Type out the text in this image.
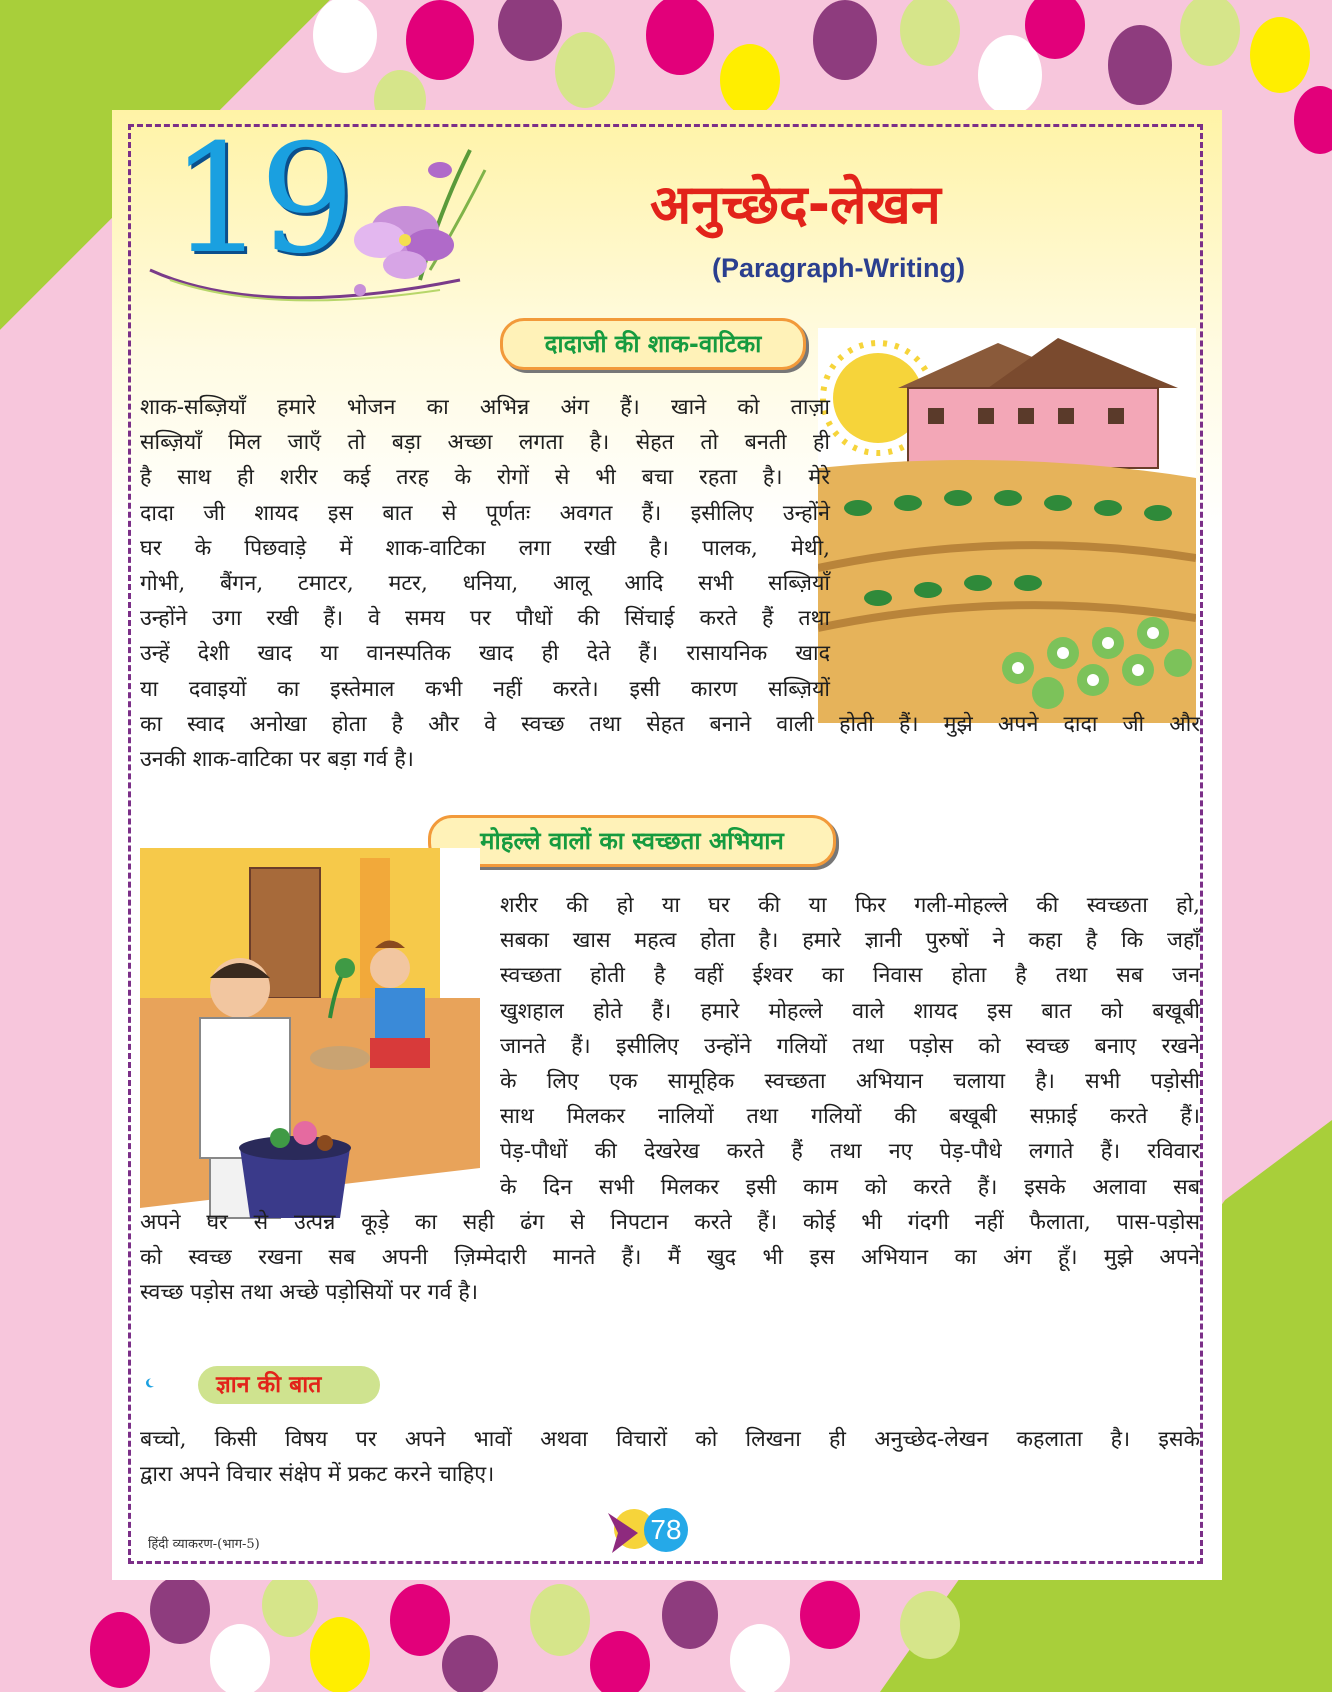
19	अनुच्छेद-लेखन
(Paragraph-Writing)
दादाजी की शाक-वाटिका
शाक-सब्ज़ियाँ हमारे भोजन का अभिन्न अंग हैं। खाने को ताज़ा
सब्ज़ियाँ मिल जाएँ तो बड़ा अच्छा लगता है। सेहत तो बनती ही
है साथ ही शरीर कई तरह के रोगों से भी बचा रहता है। मेरे
दादा जी शायद इस बात से पूर्णतः अवगत हैं। इसीलिए उन्होंने
घर के पिछवाड़े में शाक-वाटिका लगा रखी है। पालक, मेथी,
गोभी, बैंगन, टमाटर, मटर, धनिया, आलू आदि सभी सब्ज़ियाँ
उन्होंने उगा रखी हैं। वे समय पर पौधों की सिंचाई करते हैं तथा
उन्हें देशी खाद या वानस्पतिक खाद ही देते हैं। रासायनिक खाद
या दवाइयों का इस्तेमाल कभी नहीं करते। इसी कारण सब्ज़ियों
का स्वाद अनोखा होता है और वे स्वच्छ तथा सेहत बनाने वाली होती हैं। मुझे अपने दादा जी और
उनकी शाक-वाटिका पर बड़ा गर्व है।
मोहल्ले वालों का स्वच्छता अभियान
शरीर की हो या घर की या फिर गली-मोहल्ले की स्वच्छता हो,
सबका खास महत्व होता है। हमारे ज्ञानी पुरुषों ने कहा है कि जहाँ
स्वच्छता होती है वहीं ईश्वर का निवास होता है तथा सब जन
खुशहाल होते हैं। हमारे मोहल्ले वाले शायद इस बात को बखूबी
जानते हैं। इसीलिए उन्होंने गलियों तथा पड़ोस को स्वच्छ बनाए रखने
के लिए एक सामूहिक स्वच्छता अभियान चलाया है। सभी पड़ोसी
साथ मिलकर नालियों तथा गलियों की बखूबी सफ़ाई करते हैं।
पेड़-पौधों की देखरेख करते हैं तथा नए पेड़-पौधे लगाते हैं। रविवार
के दिन सभी मिलकर इसी काम को करते हैं। इसके अलावा सब
अपने घर से उत्पन्न कूड़े का सही ढंग से निपटान करते हैं। कोई भी गंदगी नहीं फैलाता, पास-पड़ोस
को स्वच्छ रखना सब अपनी ज़िम्मेदारी मानते हैं। मैं खुद भी इस अभियान का अंग हूँ। मुझे अपने
स्वच्छ पड़ोस तथा अच्छे पड़ोसियों पर गर्व है।
ज्ञान की बात
बच्चो, किसी विषय पर अपने भावों अथवा विचारों को लिखना ही अनुच्छेद-लेखन कहलाता है। इसके
द्वारा अपने विचार संक्षेप में प्रकट करने चाहिए।
हिंदी व्याकरण-(भाग-5)	78
